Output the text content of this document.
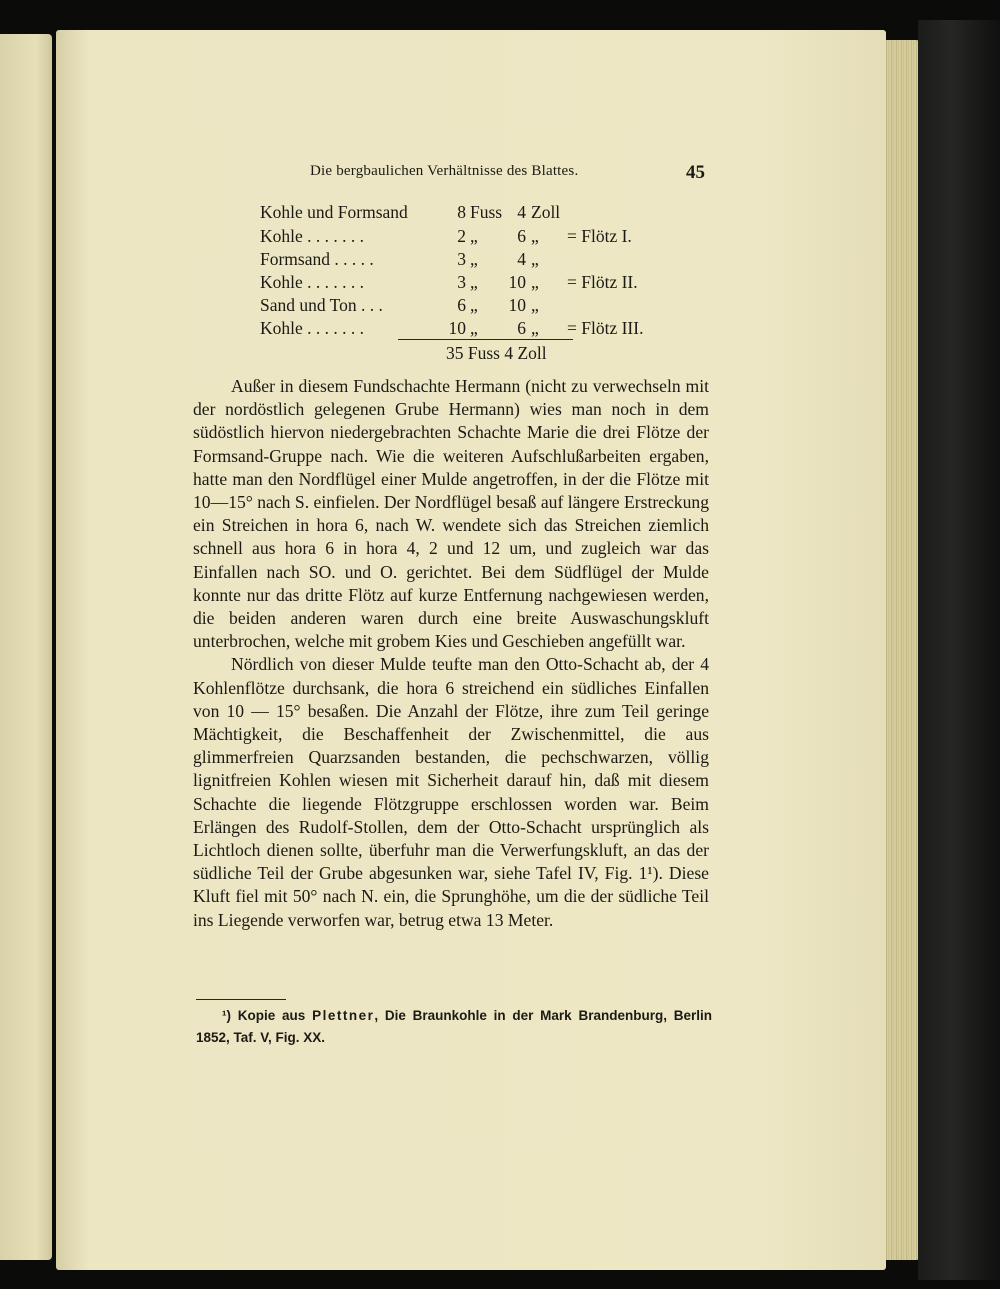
Die bergbaulichen Verhältnisse des Blattes.	45
Kohle und Formsand	8 Fuss 4 Zoll
Kohle . . . . . . .	2 „ 6 „ = Flötz I.
Formsand . . . . .	3 „ 4 „
Kohle . . . . . . .	3 „ 10 „ = Flötz II.
Sand und Ton . . .	6 „ 10 „
Kohle . . . . . . .	10 „ 6 „ = Flötz III.
35 Fuss 4 Zoll

Außer in diesem Fundschachte Hermann (nicht zu verwechseln mit der nordöstlich gelegenen Grube Hermann) wies man noch in dem südöstlich hiervon niedergebrachten Schachte Marie die drei Flötze der Formsand-Gruppe nach. Wie die weiteren Aufschlußarbeiten ergaben, hatte man den Nordflügel einer Mulde angetroffen, in der die Flötze mit 10—15° nach S. einfielen. Der Nordflügel besaß auf längere Erstreckung ein Streichen in hora 6, nach W. wendete sich das Streichen ziemlich schnell aus hora 6 in hora 4, 2 und 12 um, und zugleich war das Einfallen nach SO. und O. gerichtet. Bei dem Südflügel der Mulde konnte nur das dritte Flötz auf kurze Entfernung nachgewiesen werden, die beiden anderen waren durch eine breite Auswaschungskluft unterbrochen, welche mit grobem Kies und Geschieben angefüllt war.

Nördlich von dieser Mulde teufte man den Otto-Schacht ab, der 4 Kohlenflötze durchsank, die hora 6 streichend ein südliches Einfallen von 10 — 15° besaßen. Die Anzahl der Flötze, ihre zum Teil geringe Mächtigkeit, die Beschaffenheit der Zwischenmittel, die aus glimmerfreien Quarzsanden bestanden, die pechschwarzen, völlig lignitfreien Kohlen wiesen mit Sicherheit darauf hin, daß mit diesem Schachte die liegende Flötzgruppe erschlossen worden war. Beim Erlängen des Rudolf-Stollen, dem der Otto-Schacht ursprünglich als Lichtloch dienen sollte, überfuhr man die Verwerfungskluft, an das der südliche Teil der Grube abgesunken war, siehe Tafel IV, Fig. 1¹). Diese Kluft fiel mit 50° nach N. ein, die Sprunghöhe, um die der südliche Teil ins Liegende verworfen war, betrug etwa 13 Meter.

¹) Kopie aus Plettner, Die Braunkohle in der Mark Brandenburg, Berlin 1852, Taf. V, Fig. XX.
